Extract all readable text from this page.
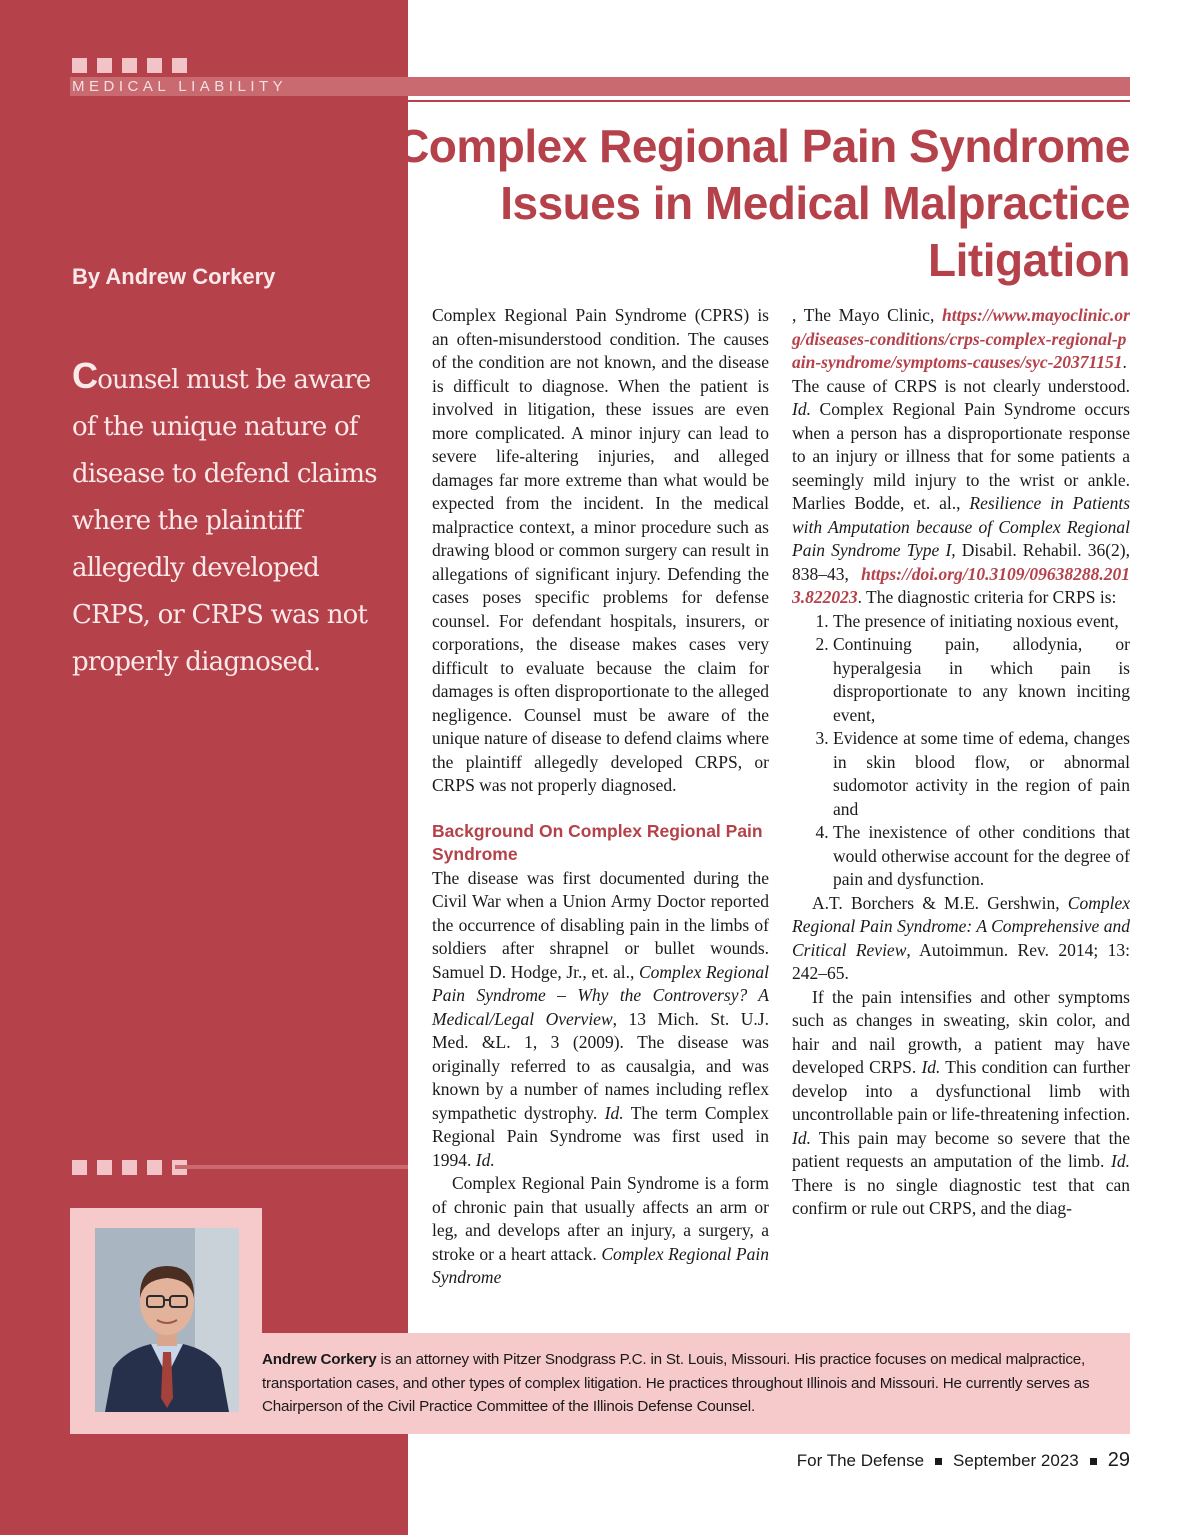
MEDICAL LIABILITY
Complex Regional Pain Syndrome
Issues in Medical Malpractice
Litigation
By Andrew Corkery
Counsel must be aware
of the unique nature of
disease to defend claims
where the plaintiff
allegedly developed
CRPS, or CRPS was not
properly diagnosed.
Andrew Corkery is an attorney with Pitzer Snodgrass P.C. in St. Louis, Missouri. His practice focuses on medical malpractice, transportation cases, and other types of complex litigation. He practices throughout Illinois and Missouri. He currently serves as Chairperson of the Civil Practice Committee of the Illinois Defense Counsel.

Complex Regional Pain Syndrome (CPRS) is an often-misunderstood condition. The causes of the condition are not known, and the disease is difficult to diagnose. When the patient is involved in litigation, these issues are even more complicated. A minor injury can lead to severe life-altering injuries, and alleged damages far more extreme than what would be expected from the incident. In the medical malpractice context, a minor procedure such as drawing blood or common surgery can result in allegations of significant injury. Defending the cases poses specific problems for defense counsel. For defendant hospitals, insurers, or corporations, the disease makes cases very difficult to evaluate because the claim for damages is often disproportionate to the alleged negligence. Counsel must be aware of the unique nature of disease to defend claims where the plaintiff allegedly developed CRPS, or CRPS was not properly diagnosed.

Background On Complex Regional Pain Syndrome

The disease was first documented during the Civil War when a Union Army Doctor reported the occurrence of disabling pain in the limbs of soldiers after shrapnel or bullet wounds. Samuel D. Hodge, Jr., et. al., Complex Regional Pain Syndrome – Why the Controversy? A Medical/Legal Overview, 13 Mich. St. U.J. Med. &L. 1, 3 (2009). The disease was originally referred to as causalgia, and was known by a number of names including reflex sympathetic dystrophy. Id. The term Complex Regional Pain Syndrome was first used in 1994. Id.

Complex Regional Pain Syndrome is a form of chronic pain that usually affects an arm or leg, and develops after an injury, a surgery, a stroke or a heart attack. Complex Regional Pain Syndrome

, The Mayo Clinic, https://www.mayoclinic.org/diseases-conditions/crps-complex-regional-pain-syndrome/symptoms-causes/syc-20371151. The cause of CRPS is not clearly understood. Id. Complex Regional Pain Syndrome occurs when a person has a disproportionate response to an injury or illness that for some patients a seemingly mild injury to the wrist or ankle. Marlies Bodde, et. al., Resilience in Patients with Amputation because of Complex Regional Pain Syndrome Type I, Disabil. Rehabil. 36(2), 838–43, https://doi.org/10.3109/09638288.2013.822023. The diagnostic criteria for CRPS is:

1. The presence of initiating noxious event,
2. Continuing pain, allodynia, or hyperalgesia in which pain is disproportionate to any known inciting event,
3. Evidence at some time of edema, changes in skin blood flow, or abnormal sudomotor activity in the region of pain and
4. The inexistence of other conditions that would otherwise account for the degree of pain and dysfunction.

A.T. Borchers & M.E. Gershwin, Complex Regional Pain Syndrome: A Comprehensive and Critical Review, Autoimmun. Rev. 2014; 13: 242–65.

If the pain intensifies and other symptoms such as changes in sweating, skin color, and hair and nail growth, a patient may have developed CRPS. Id. This condition can further develop into a dysfunctional limb with uncontrollable pain or life-threatening infection. Id. This pain may become so severe that the patient requests an amputation of the limb. Id. There is no single diagnostic test that can confirm or rule out CRPS, and the diag-

For The Defense September 2023 29
